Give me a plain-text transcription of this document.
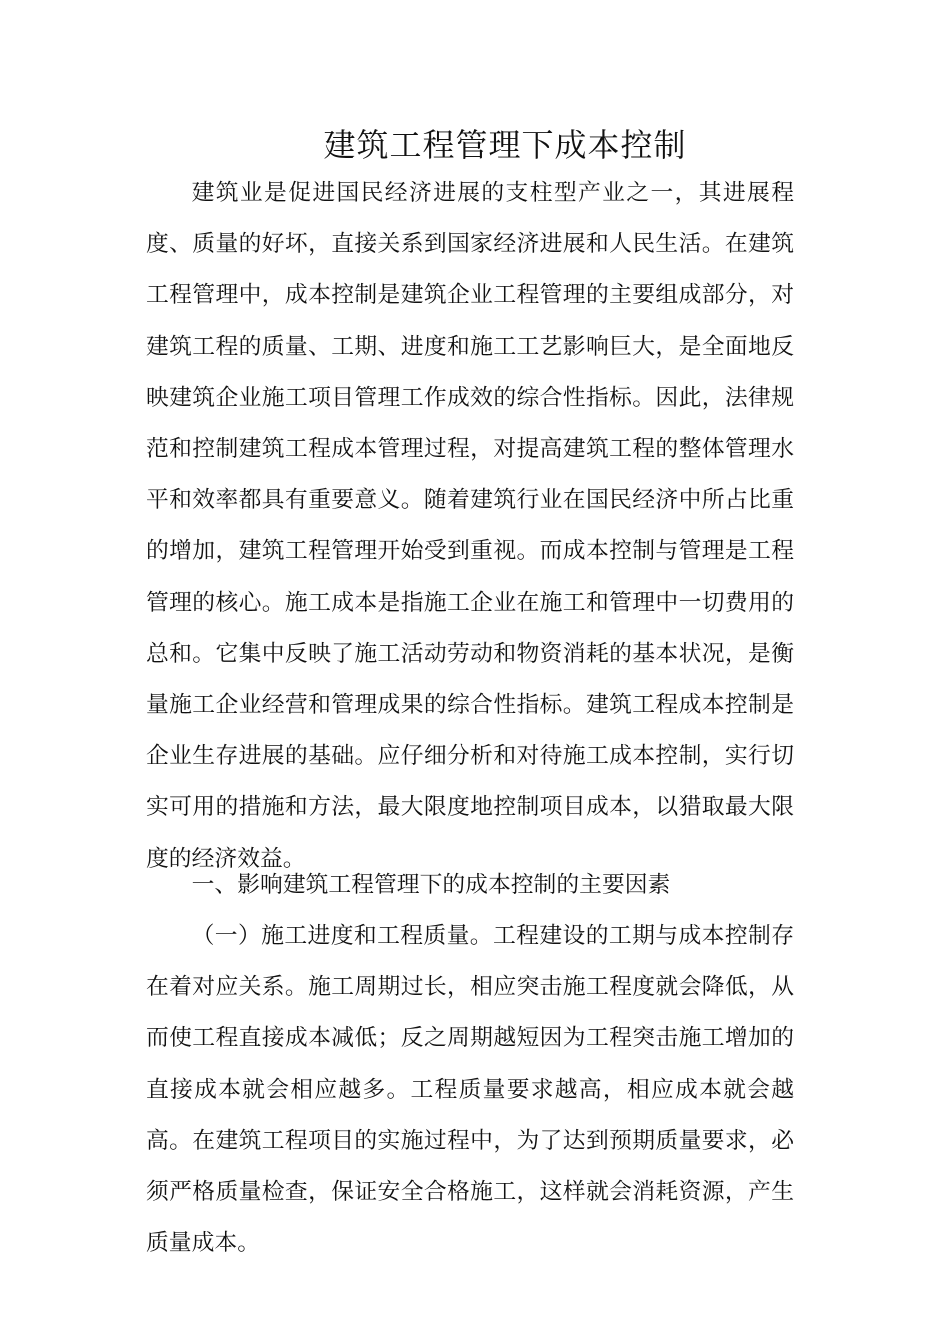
建筑工程管理下成本控制

建筑业是促进国民经济进展的支柱型产业之一，其进展程度、质量的好坏，直接关系到国家经济进展和人民生活。在建筑工程管理中，成本控制是建筑企业工程管理的主要组成部分，对建筑工程的质量、工期、进度和施工工艺影响巨大，是全面地反映建筑企业施工项目管理工作成效的综合性指标。因此，法律规范和控制建筑工程成本管理过程，对提高建筑工程的整体管理水平和效率都具有重要意义。随着建筑行业在国民经济中所占比重的增加，建筑工程管理开始受到重视。而成本控制与管理是工程管理的核心。施工成本是指施工企业在施工和管理中一切费用的总和。它集中反映了施工活动劳动和物资消耗的基本状况，是衡量施工企业经营和管理成果的综合性指标。建筑工程成本控制是企业生存进展的基础。应仔细分析和对待施工成本控制，实行切实可用的措施和方法，最大限度地控制项目成本，以猎取最大限度的经济效益。

一、影响建筑工程管理下的成本控制的主要因素

（一）施工进度和工程质量。工程建设的工期与成本控制存在着对应关系。施工周期过长，相应突击施工程度就会降低，从而使工程直接成本减低；反之周期越短因为工程突击施工增加的直接成本就会相应越多。工程质量要求越高，相应成本就会越高。在建筑工程项目的实施过程中，为了达到预期质量要求，必须严格质量检查，保证安全合格施工，这样就会消耗资源，产生质量成本。
